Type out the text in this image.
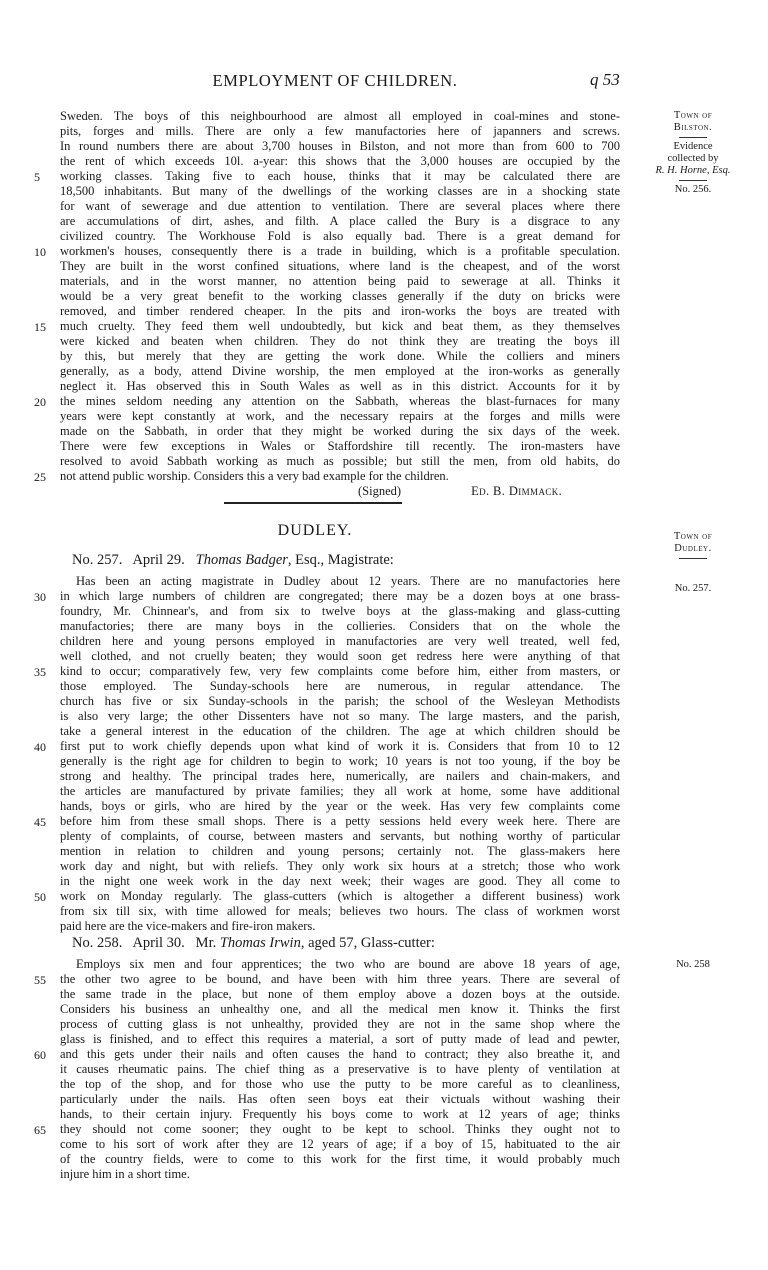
EMPLOYMENT OF CHILDREN.	q 53
Town of
Bilston.
Evidence
collected by
R. H. Horne, Esq.
No. 256.
Town of
Dudley.
No. 257.
No. 258
Sweden. The boys of this neighbourhood are almost all employed in coal-mines and stone-
pits, forges and mills. There are only a few manufactories here of japanners and screws.
In round numbers there are about 3,700 houses in Bilston, and not more than from 600 to 700
the rent of which exceeds 10l. a-year: this shows that the 3,000 houses are occupied by the
working classes. Taking five to each house, thinks that it may be calculated there are
18,500 inhabitants. But many of the dwellings of the working classes are in a shocking state
for want of sewerage and due attention to ventilation. There are several places where there
are accumulations of dirt, ashes, and filth. A place called the Bury is a disgrace to any
civilized country. The Workhouse Fold is also equally bad. There is a great demand for
workmen's houses, consequently there is a trade in building, which is a profitable speculation.
They are built in the worst confined situations, where land is the cheapest, and of the worst
materials, and in the worst manner, no attention being paid to sewerage at all. Thinks it
would be a very great benefit to the working classes generally if the duty on bricks were
removed, and timber rendered cheaper. In the pits and iron-works the boys are treated with
much cruelty. They feed them well undoubtedly, but kick and beat them, as they themselves
were kicked and beaten when children. They do not think they are treating the boys ill
by this, but merely that they are getting the work done. While the colliers and miners
generally, as a body, attend Divine worship, the men employed at the iron-works as generally
neglect it. Has observed this in South Wales as well as in this district. Accounts for it by
the mines seldom needing any attention on the Sabbath, whereas the blast-furnaces for many
years were kept constantly at work, and the necessary repairs at the forges and mills were
made on the Sabbath, in order that they might be worked during the six days of the week.
There were few exceptions in Wales or Staffordshire till recently. The iron-masters have
resolved to avoid Sabbath working as much as possible; but still the men, from old habits, do
not attend public worship. Considers this a very bad example for the children.
(Signed)	Ed. B. Dimmack.
DUDLEY.
No. 257. April 29. Thomas Badger, Esq., Magistrate:
Has been an acting magistrate in Dudley about 12 years. There are no manufactories here
in which large numbers of children are congregated; there may be a dozen boys at one brass-
foundry, Mr. Chinnear's, and from six to twelve boys at the glass-making and glass-cutting
manufactories; there are many boys in the collieries. Considers that on the whole the
children here and young persons employed in manufactories are very well treated, well fed,
well clothed, and not cruelly beaten; they would soon get redress here were anything of that
kind to occur; comparatively few, very few complaints come before him, either from masters, or
those employed. The Sunday-schools here are numerous, in regular attendance. The
church has five or six Sunday-schools in the parish; the school of the Wesleyan Methodists
is also very large; the other Dissenters have not so many. The large masters, and the parish,
take a general interest in the education of the children. The age at which children should be
first put to work chiefly depends upon what kind of work it is. Considers that from 10 to 12
generally is the right age for children to begin to work; 10 years is not too young, if the boy be
strong and healthy. The principal trades here, numerically, are nailers and chain-makers, and
the articles are manufactured by private families; they all work at home, some have additional
hands, boys or girls, who are hired by the year or the week. Has very few complaints come
before him from these small shops. There is a petty sessions held every week here. There are
plenty of complaints, of course, between masters and servants, but nothing worthy of particular
mention in relation to children and young persons; certainly not. The glass-makers here
work day and night, but with reliefs. They only work six hours at a stretch; those who work
in the night one week work in the day next week; their wages are good. They all come to
work on Monday regularly. The glass-cutters (which is altogether a different business) work
from six till six, with time allowed for meals; believes two hours. The class of workmen worst
paid here are the vice-makers and fire-iron makers.
No. 258. April 30. Mr. Thomas Irwin, aged 57, Glass-cutter:
Employs six men and four apprentices; the two who are bound are above 18 years of age,
the other two agree to be bound, and have been with him three years. There are several of
the same trade in the place, but none of them employ above a dozen boys at the outside.
Considers his business an unhealthy one, and all the medical men know it. Thinks the first
process of cutting glass is not unhealthy, provided they are not in the same shop where the
glass is finished, and to effect this requires a material, a sort of putty made of lead and pewter,
and this gets under their nails and often causes the hand to contract; they also breathe it, and
it causes rheumatic pains. The chief thing as a preservative is to have plenty of ventilation at
the top of the shop, and for those who use the putty to be more careful as to cleanliness,
particularly under the nails. Has often seen boys eat their victuals without washing their
hands, to their certain injury. Frequently his boys come to work at 12 years of age; thinks
they should not come sooner; they ought to be kept to school. Thinks they ought not to
come to his sort of work after they are 12 years of age; if a boy of 15, habituated to the air
of the country fields, were to come to this work for the first time, it would probably much
injure him in a short time.
5
10
15
20
25
30
35
40
45
50
55
60
65
